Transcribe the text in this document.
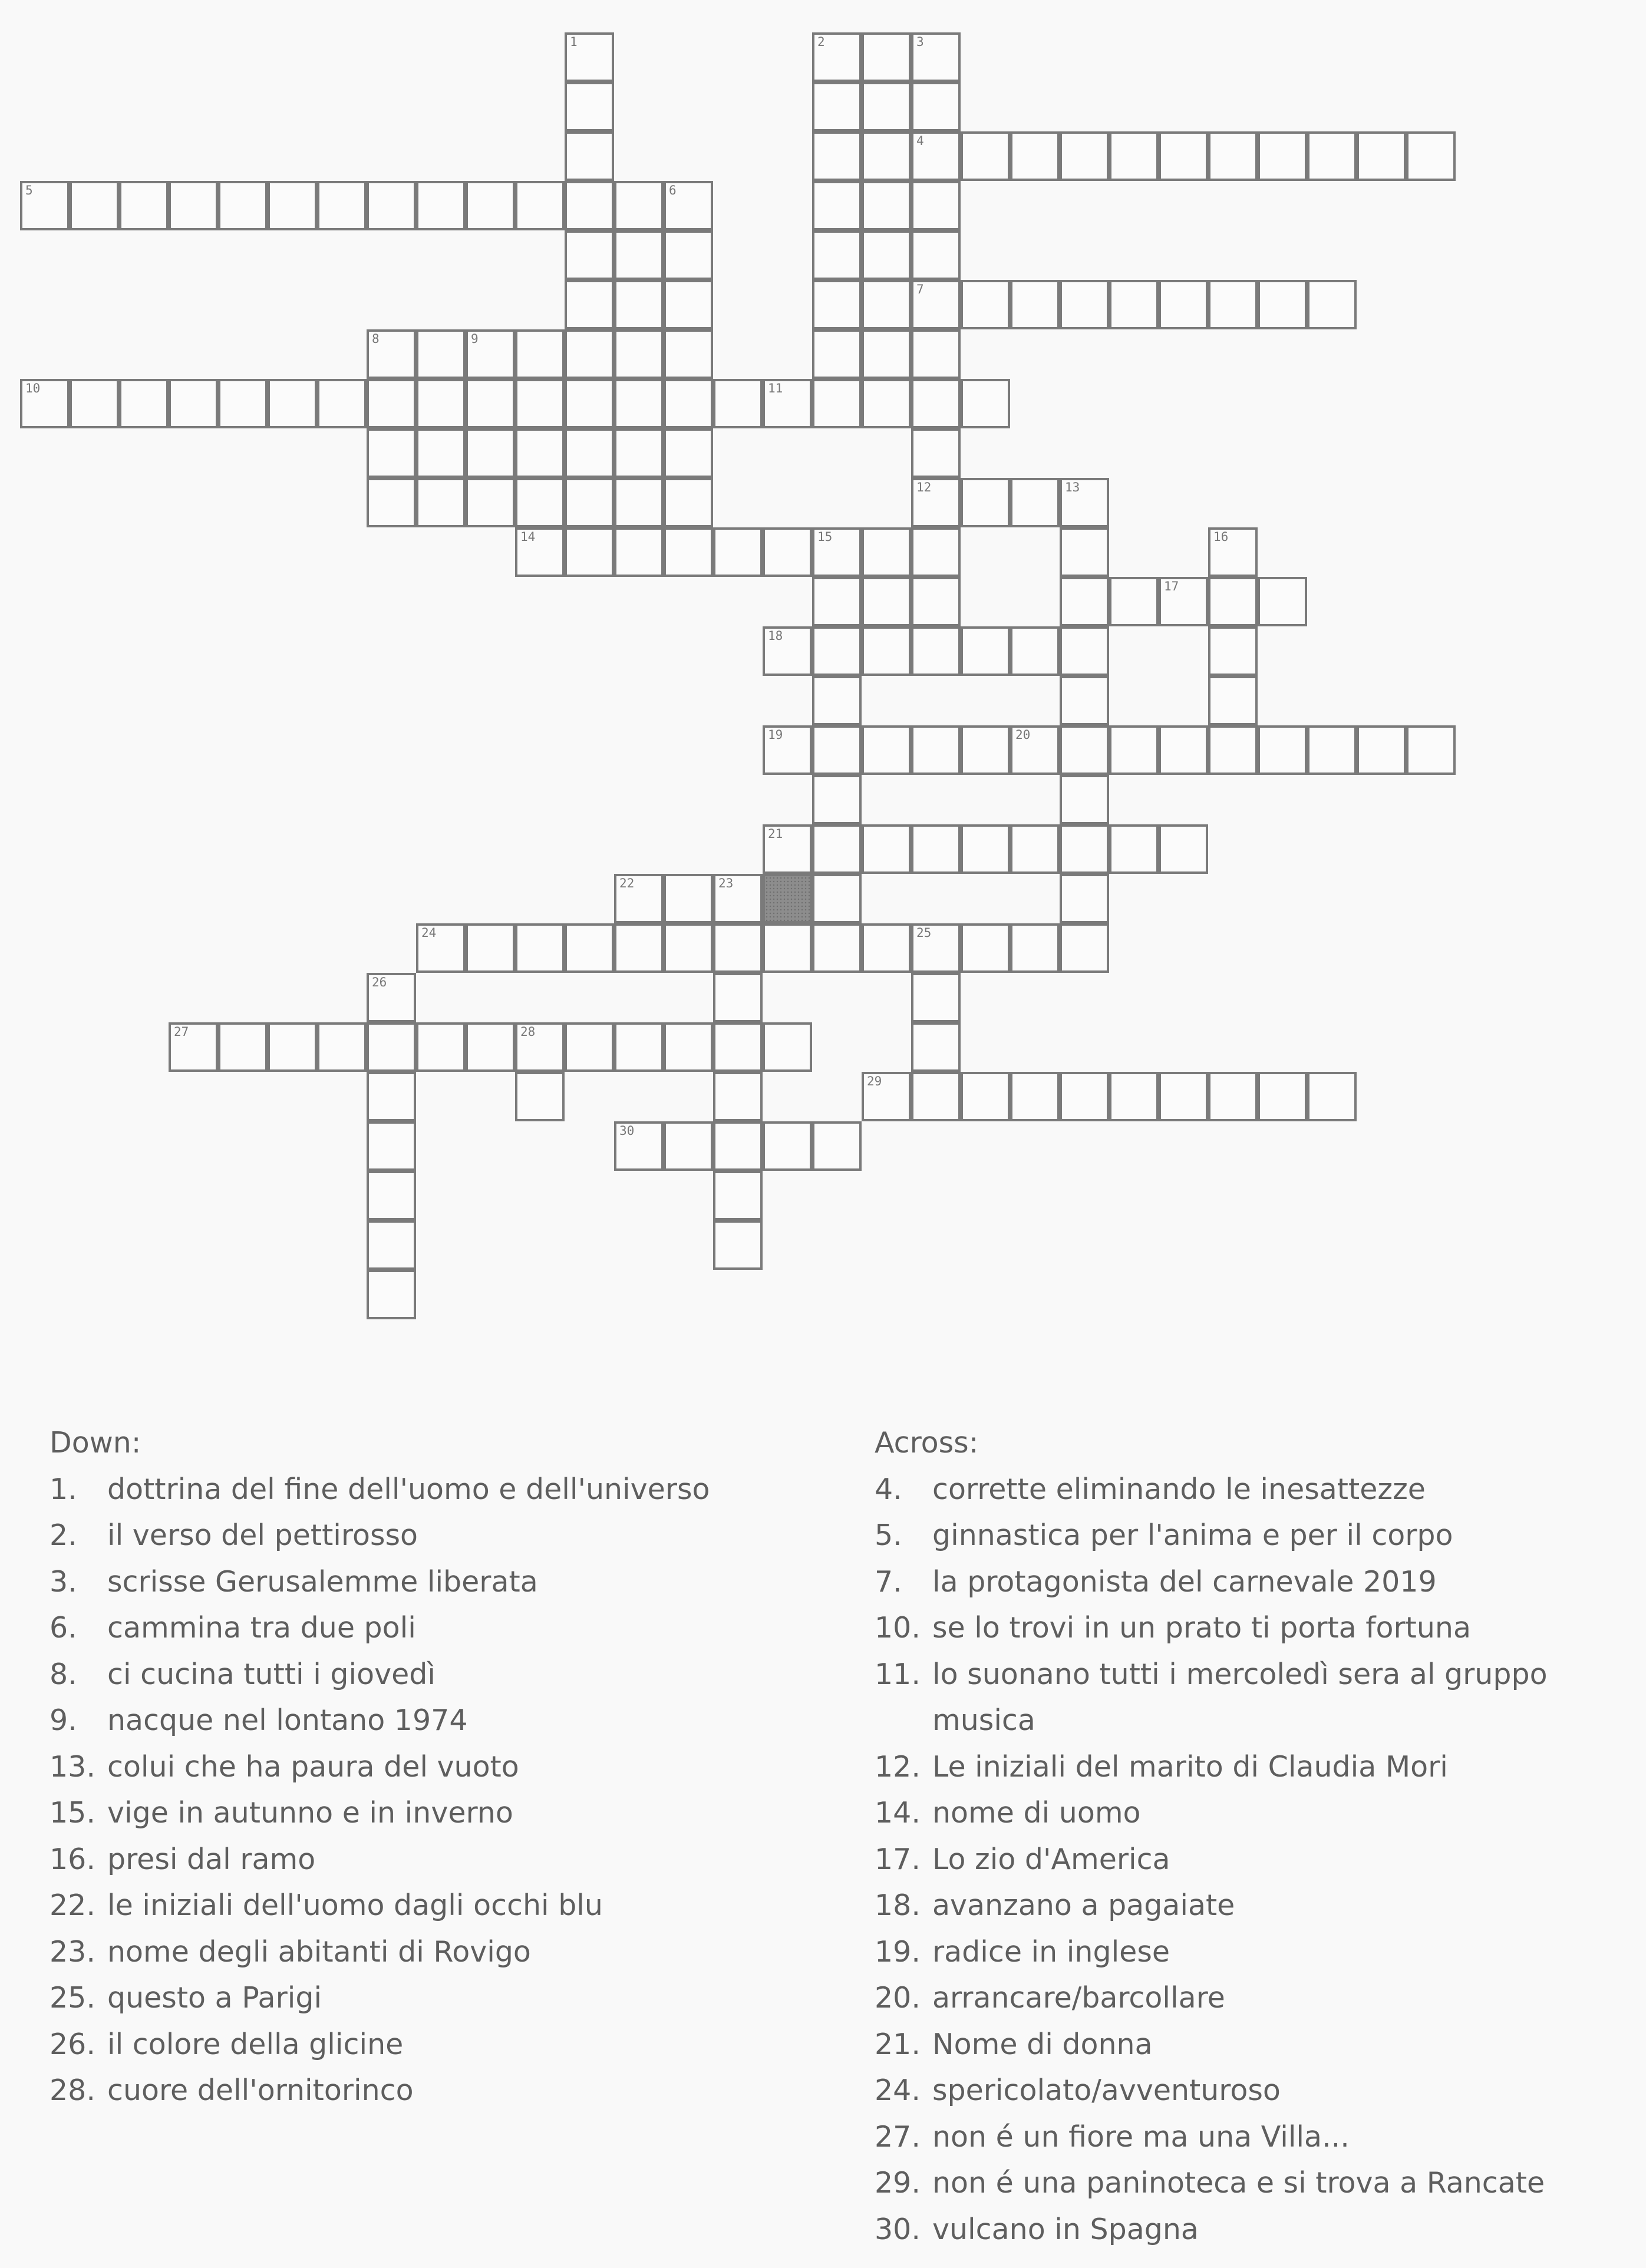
1	2	3
4
7
12
5	6
8	9
10	11
13
14	15	16
17
18
19	20
21
22	23
24	25
26
27	28
29
30
Down:
1.	dottrina del fine dell'uomo e dell'universo
2.	il verso del pettirosso
3.	scrisse Gerusalemme liberata
6.	cammina tra due poli
8.	ci cucina tutti i giovedì
9.	nacque nel lontano 1974
13. colui che ha paura del vuoto
15. vige in autunno e in inverno
16. presi dal ramo
22. le iniziali dell'uomo dagli occhi blu
23. nome degli abitanti di Rovigo
25. questo a Parigi
26. il colore della glicine
28. cuore dell'ornitorinco
Across:
4.	corrette eliminando le inesattezze
5.	ginnastica per l'anima e per il corpo
7.	la protagonista del carnevale 2019
10. se lo trovi in un prato ti porta fortuna
11. lo suonano tutti i mercoledì sera al gruppo musica
12. Le iniziali del marito di Claudia Mori
14. nome di uomo
17. Lo zio d'America
18. avanzano a pagaiate
19. radice in inglese
20. arrancare/barcollare
21. Nome di donna
24. spericolato/avventuroso
27. non é un fiore ma una Villa...
29. non é una paninoteca e si trova a Rancate
30. vulcano in Spagna
